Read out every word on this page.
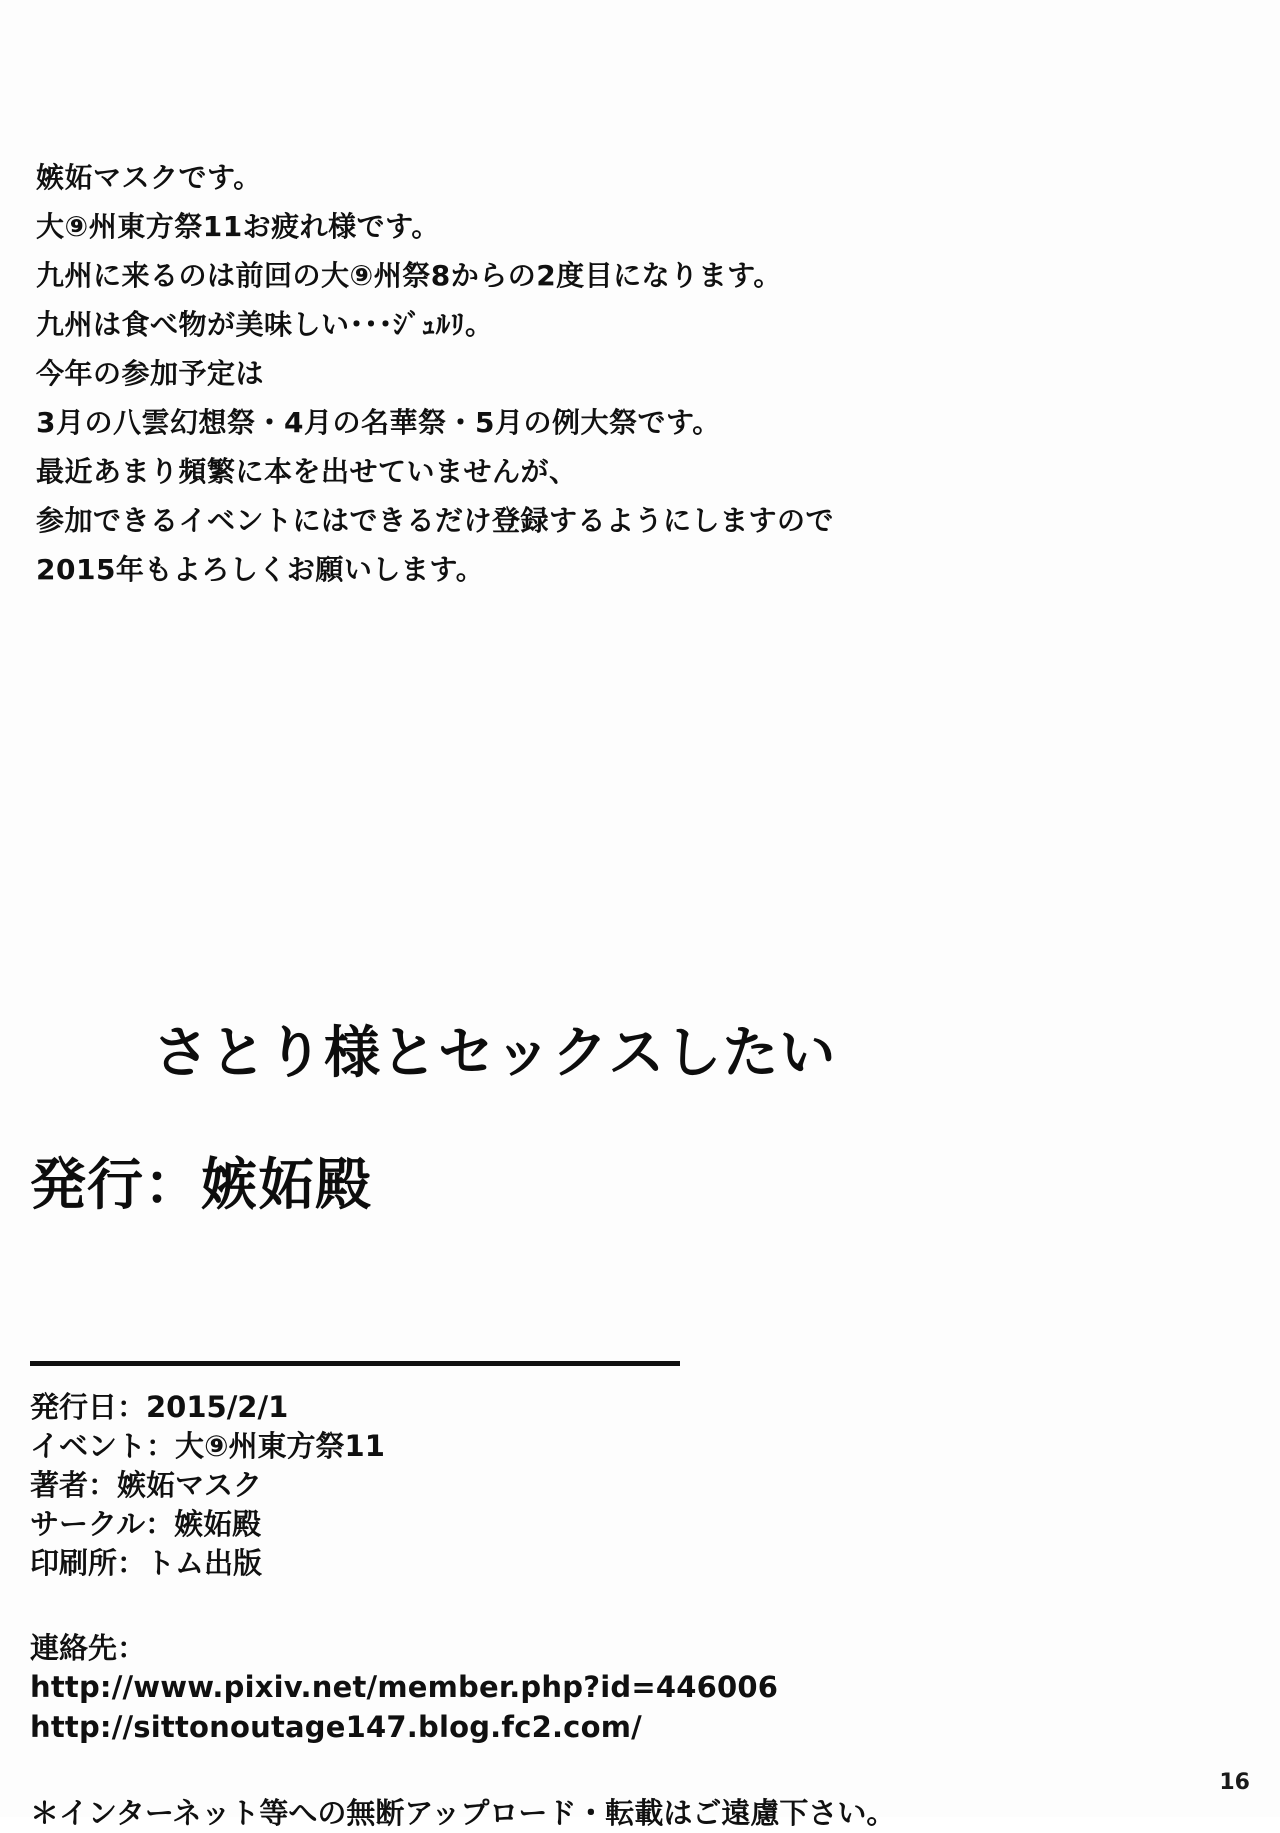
嫉妬マスクです。

大⑨州東方祭11お疲れ様です。

九州に来るのは前回の大⑨州祭8からの2度目になります。

九州は食べ物が美味しい･･･ｼﾞｭﾙﾘ。

今年の参加予定は

3月の八雲幻想祭・4月の名華祭・5月の例大祭です。

最近あまり頻繁に本を出せていませんが、

参加できるイベントにはできるだけ登録するようにしますので

2015年もよろしくお願いします。

さとり様とセックスしたい

発行：嫉妬殿

発行日：2015/2/1
イベント：大⑨州東方祭11
著者：嫉妬マスク
サークル：嫉妬殿
印刷所：トム出版
連絡先：
http://www.pixiv.net/member.php?id=446006
http://sittonoutage147.blog.fc2.com/
＊インターネット等への無断アップロード・転載はご遠慮下さい。
16
